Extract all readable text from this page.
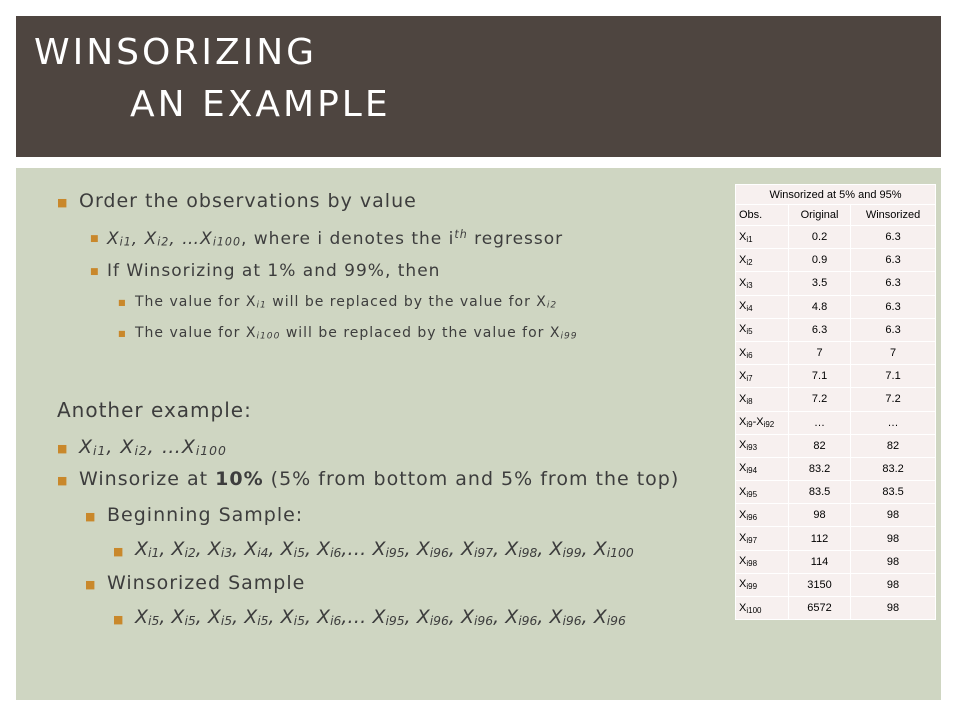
WINSORIZING
AN EXAMPLE
■ Order the observations by value
■ Xi1, Xi2, …Xi100, where i denotes the $i^{th}$ regressor
■ If Winsorizing at 1% and 99%, then
■ The value for Xi1 will be replaced by the value for Xi2
■ The value for Xi100 will be replaced by the value for Xi99
Another example:
■ Xi1, Xi2, …Xi100
■ Winsorize at 10% (5% from bottom and 5% from the top)
■ Beginning Sample:
■ Xi1, Xi2, Xi3, Xi4, Xi5, Xi6,… Xi95, Xi96, Xi97, Xi98, Xi99, Xi100
■ Winsorized Sample
■ Xi5, Xi5, Xi5, Xi5, Xi5, Xi6,… Xi95, Xi96, Xi96, Xi96, Xi96, Xi96
Winsorized at 5% and 95%		
Obs.	Original	Winsorized
Xi1	0.2	6.3
Xi2	0.9	6.3
Xi3	3.5	6.3
Xi4	4.8	6.3
Xi5	6.3	6.3
Xi6	7	7
Xi7	7.1	7.1
Xi8	7.2	7.2
Xi9-Xi92	…	…
Xi93	82	82
Xi94	83.2	83.2
Xi95	83.5	83.5
Xi96	98	98
Xi97	112	98
Xi98	114	98
Xi99	3150	98
Xi100	6572	98
